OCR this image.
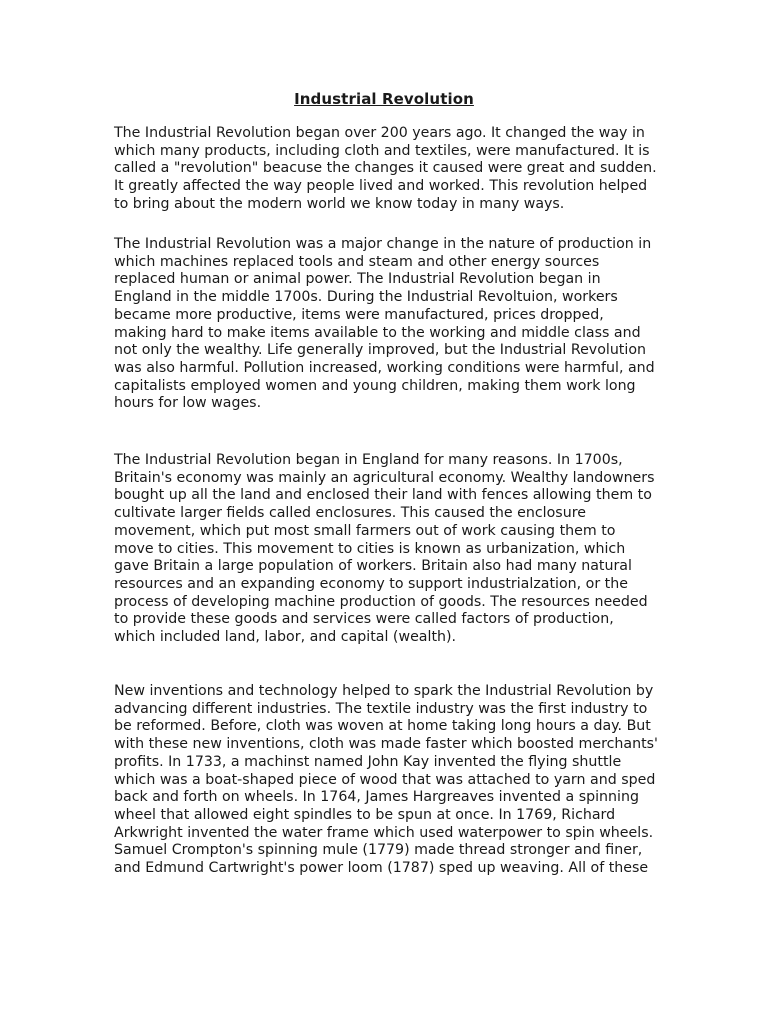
Industrial Revolution

The Industrial Revolution began over 200 years ago. It changed the way in which many products, including cloth and textiles, were manufactured. It is called a "revolution" beacuse the changes it caused were great and sudden. It greatly affected the way people lived and worked. This revolution helped to bring about the modern world we know today in many ways.

The Industrial Revolution was a major change in the nature of production in which machines replaced tools and steam and other energy sources replaced human or animal power. The Industrial Revolution began in England in the middle 1700s. During the Industrial Revoltuion, workers became more productive, items were manufactured, prices dropped, making hard to make items available to the working and middle class and not only the wealthy. Life generally improved, but the Industrial Revolution was also harmful. Pollution increased, working conditions were harmful, and capitalists employed women and young children, making them work long hours for low wages.

The Industrial Revolution began in England for many reasons. In 1700s, Britain's economy was mainly an agricultural economy. Wealthy landowners bought up all the land and enclosed their land with fences allowing them to cultivate larger fields called enclosures. This caused the enclosure movement, which put most small farmers out of work causing them to move to cities. This movement to cities is known as urbanization, which gave Britain a large population of workers. Britain also had many natural resources and an expanding economy to support industrialzation, or the process of developing machine production of goods. The resources needed to provide these goods and services were called factors of production, which included land, labor, and capital (wealth).

New inventions and technology helped to spark the Industrial Revolution by advancing different industries. The textile industry was the first industry to be reformed. Before, cloth was woven at home taking long hours a day. But with these new inventions, cloth was made faster which boosted merchants' profits. In 1733, a machinst named John Kay invented the flying shuttle which was a boat-shaped piece of wood that was attached to yarn and sped back and forth on wheels. In 1764, James Hargreaves invented a spinning wheel that allowed eight spindles to be spun at once. In 1769, Richard Arkwright invented the water frame which used waterpower to spin wheels. Samuel Crompton's spinning mule (1779) made thread stronger and finer, and Edmund Cartwright's power loom (1787) sped up weaving. All of these
